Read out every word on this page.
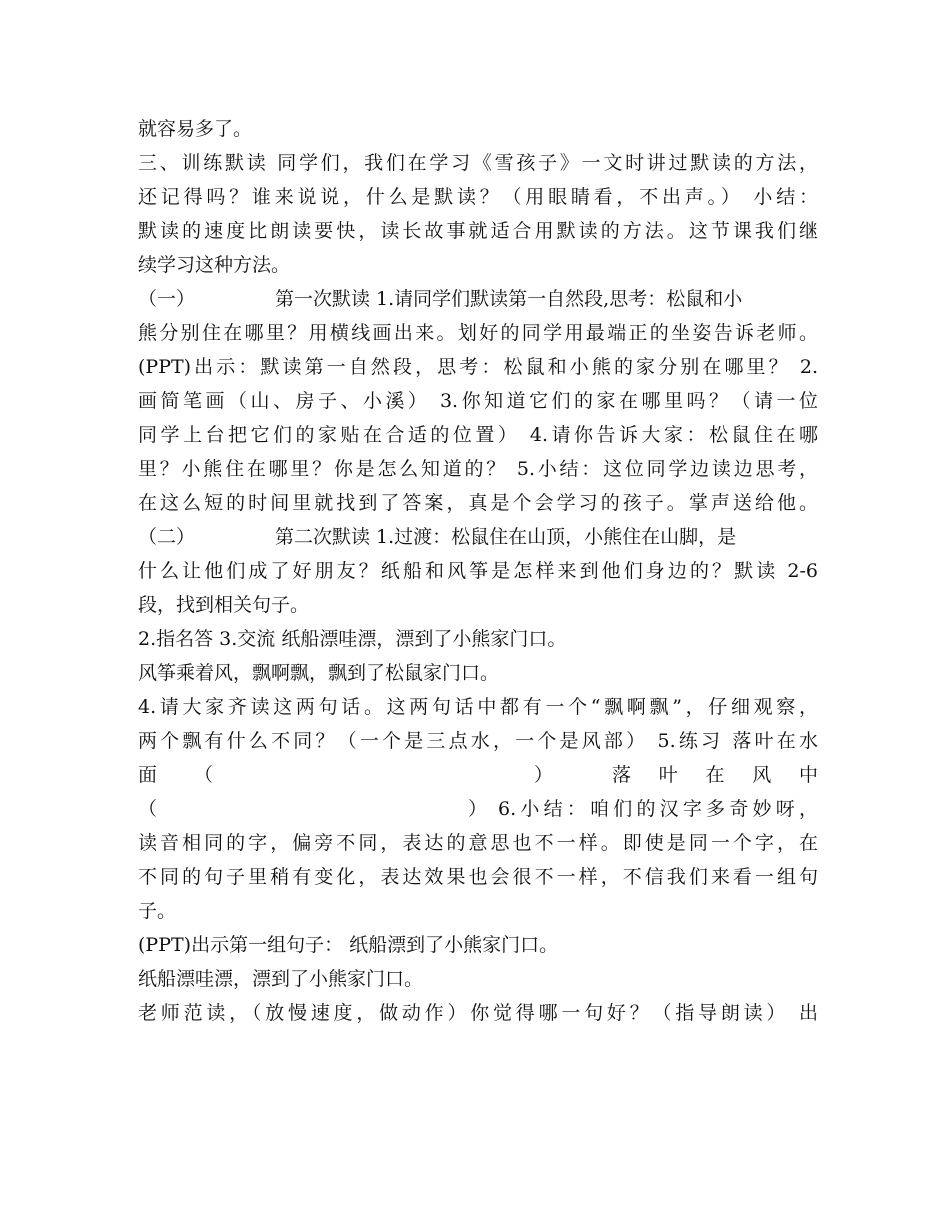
就容易多了。
三、训练默读 同学们，我们在学习《雪孩子》一文时讲过默读的方法，
还记得吗？谁来说说，什么是默读？（用眼睛看，不出声。） 小结：
默读的速度比朗读要快，读长故事就适合用默读的方法。这节课我们继
续学习这种方法。
（一）	第一次默读 1.请同学们默读第一自然段,思考：松鼠和小
熊分别住在哪里？用横线画出来。划好的同学用最端正的坐姿告诉老师。
(PPT)出示：默读第一自然段，思考：松鼠和小熊的家分别在哪里？ 2.
画简笔画（山、房子、小溪） 3.你知道它们的家在哪里吗？（请一位
同学上台把它们的家贴在合适的位置） 4.请你告诉大家：松鼠住在哪
里？小熊住在哪里？你是怎么知道的？ 5.小结：这位同学边读边思考，
在这么短的时间里就找到了答案，真是个会学习的孩子。掌声送给他。
（二）	第二次默读 1.过渡：松鼠住在山顶，小熊住在山脚，是
什么让他们成了好朋友？纸船和风筝是怎样来到他们身边的？默读 2-6
段，找到相关句子。
2.指名答 3.交流 纸船漂哇漂，漂到了小熊家门口。
风筝乘着风，飘啊飘，飘到了松鼠家门口。
4.请大家齐读这两句话。这两句话中都有一个“飘啊飘”，仔细观察，
两个飘有什么不同？（一个是三点水，一个是风部） 5.练习 落叶在水
面 （	）	落 叶 在 风 中
（	） 6.小结：咱们的汉字多奇妙呀，
读音相同的字，偏旁不同，表达的意思也不一样。即使是同一个字，在
不同的句子里稍有变化，表达效果也会很不一样，不信我们来看一组句
子。
(PPT)出示第一组句子： 纸船漂到了小熊家门口。
纸船漂哇漂，漂到了小熊家门口。
老师范读，（放慢速度，做动作）你觉得哪一句好？（指导朗读） 出
